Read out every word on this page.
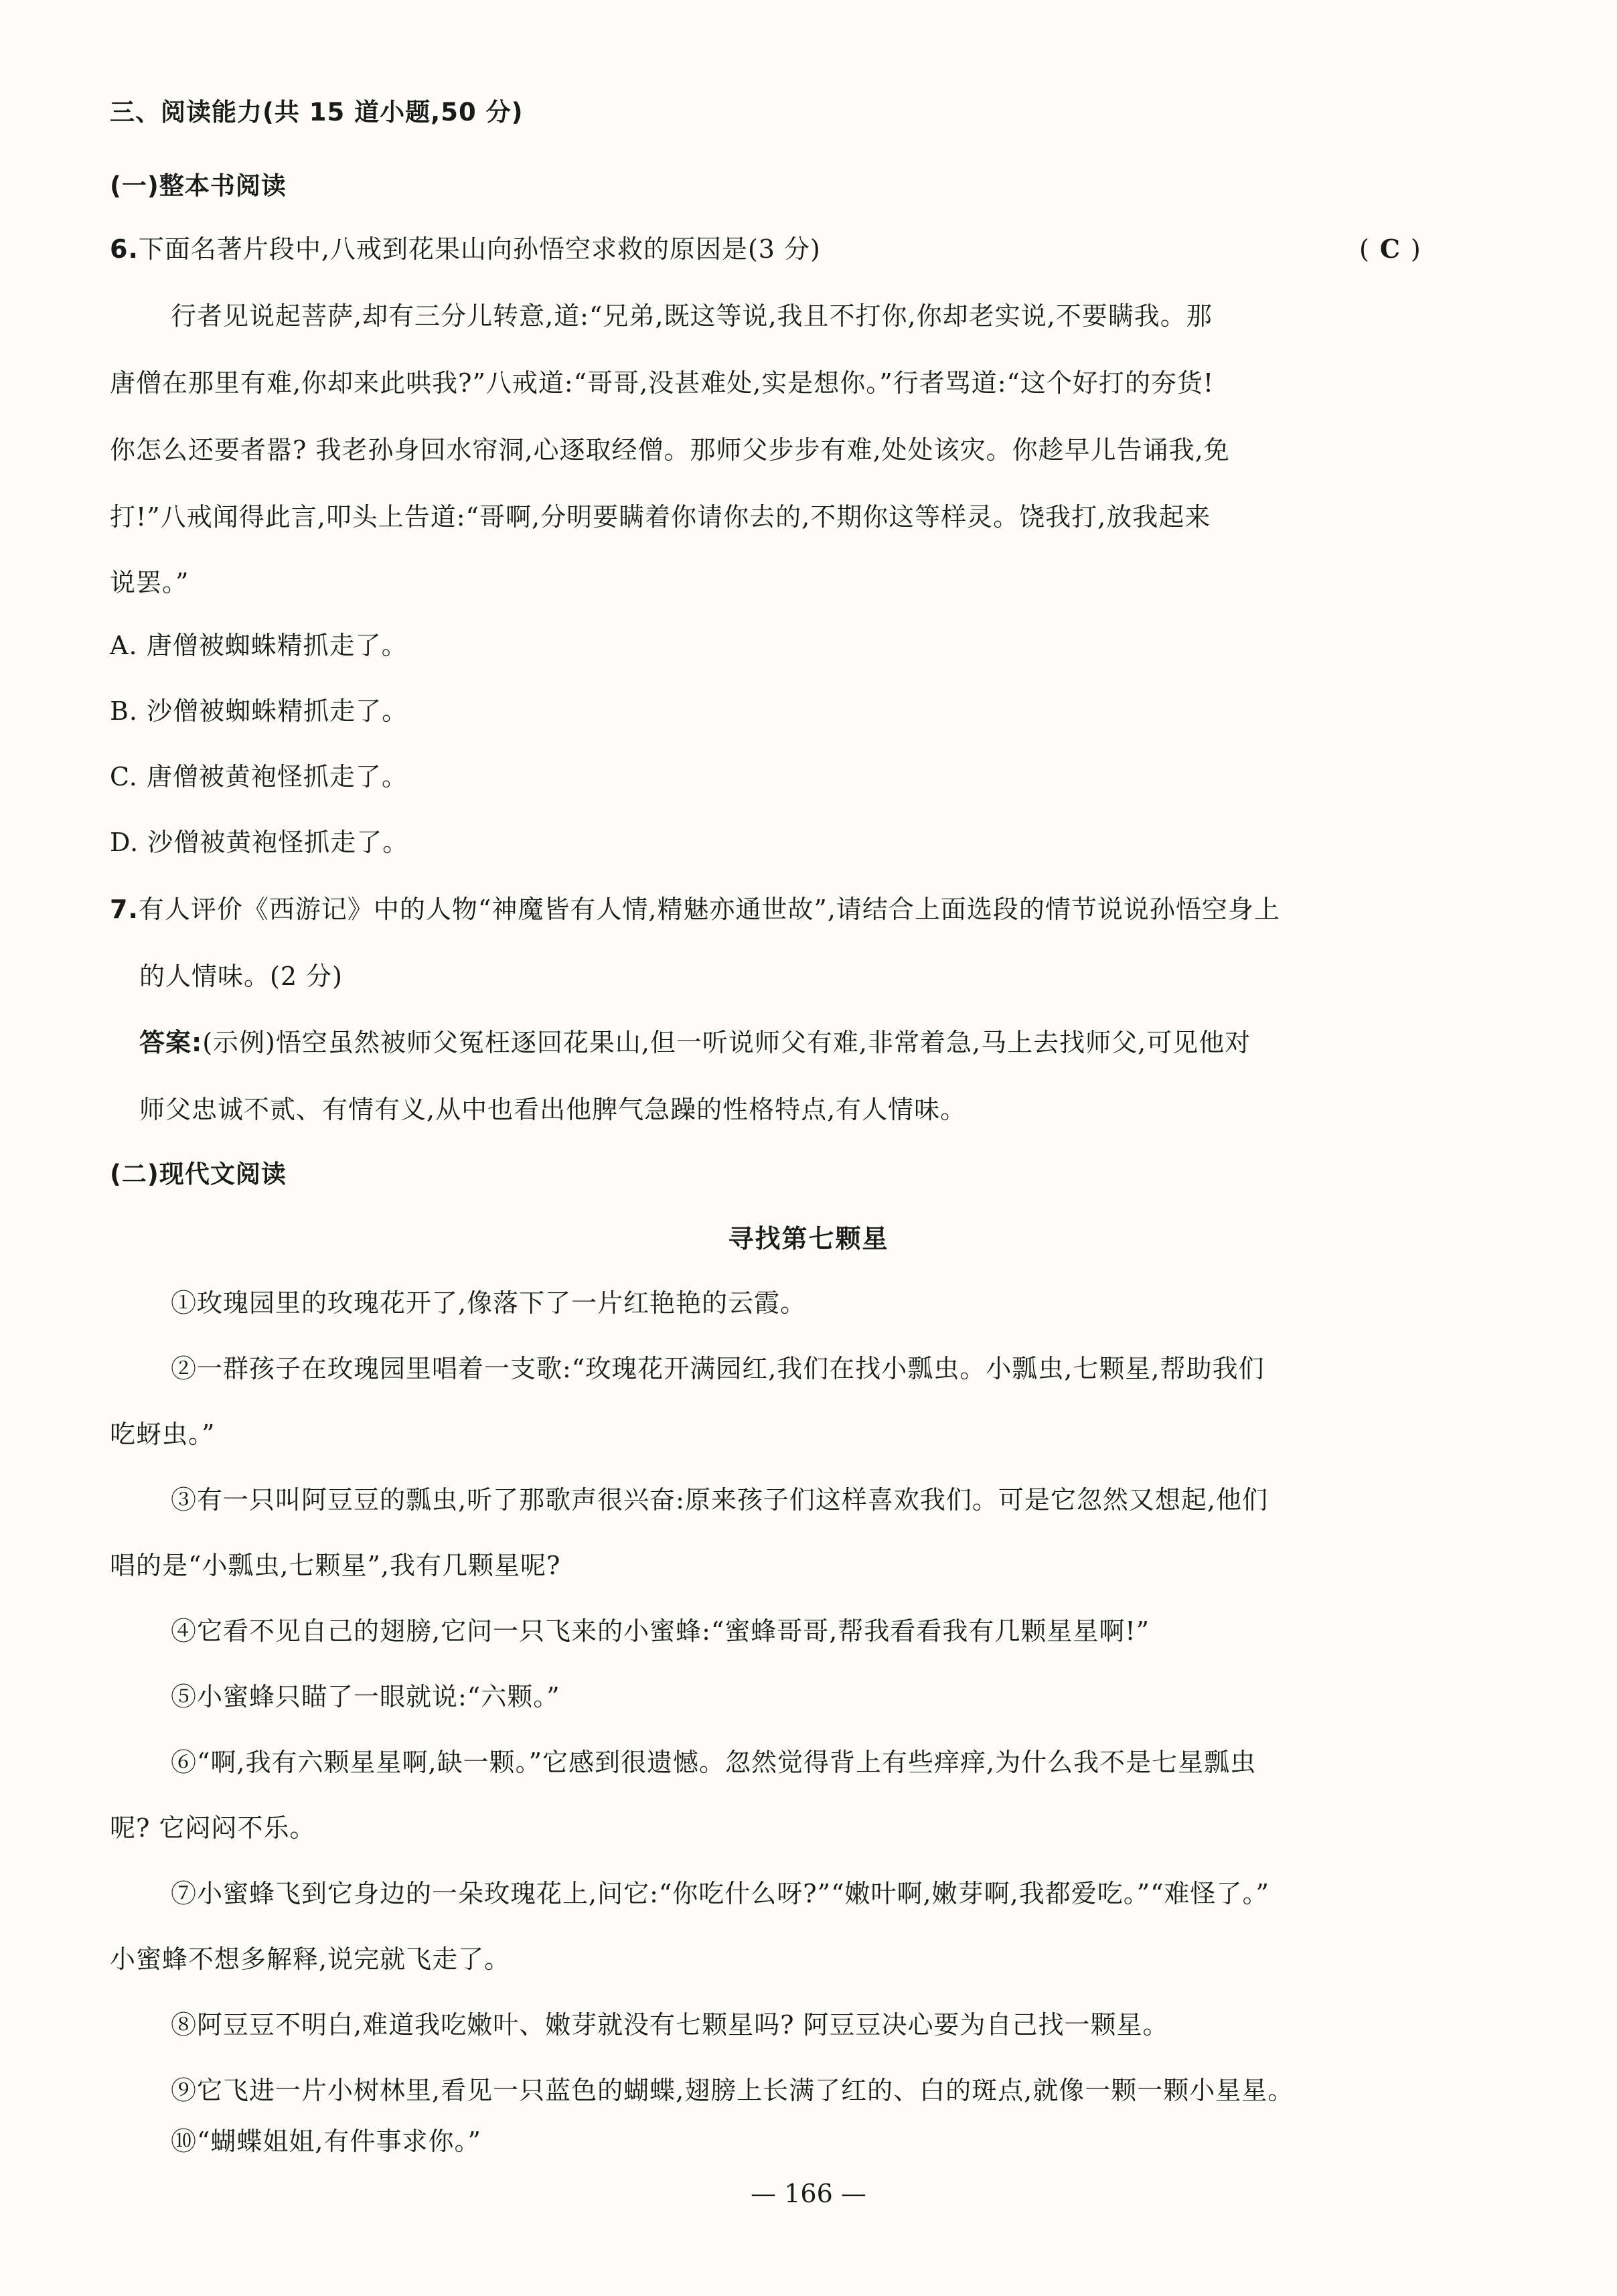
三、阅读能力(共 15 道小题,50 分)
(一)整本书阅读
6.下面名著片段中,八戒到花果山向孙悟空求救的原因是(3 分)	( C )
行者见说起菩萨,却有三分儿转意,道:“兄弟,既这等说,我且不打你,你却老实说,不要瞒我。那
唐僧在那里有难,你却来此哄我?”八戒道:“哥哥,没甚难处,实是想你。”行者骂道:“这个好打的夯货!
你怎么还要者嚣? 我老孙身回水帘洞,心逐取经僧。那师父步步有难,处处该灾。你趁早儿告诵我,免
打!”八戒闻得此言,叩头上告道:“哥啊,分明要瞒着你请你去的,不期你这等样灵。饶我打,放我起来
说罢。”
A. 唐僧被蜘蛛精抓走了。
B. 沙僧被蜘蛛精抓走了。
C. 唐僧被黄袍怪抓走了。
D. 沙僧被黄袍怪抓走了。
7.有人评价《西游记》中的人物“神魔皆有人情,精魅亦通世故”,请结合上面选段的情节说说孙悟空身上
的人情味。(2 分)
答案:(示例)悟空虽然被师父冤枉逐回花果山,但一听说师父有难,非常着急,马上去找师父,可见他对
师父忠诚不贰、有情有义,从中也看出他脾气急躁的性格特点,有人情味。
(二)现代文阅读
寻找第七颗星
①玫瑰园里的玫瑰花开了,像落下了一片红艳艳的云霞。
②一群孩子在玫瑰园里唱着一支歌:“玫瑰花开满园红,我们在找小瓢虫。小瓢虫,七颗星,帮助我们
吃蚜虫。”
③有一只叫阿豆豆的瓢虫,听了那歌声很兴奋:原来孩子们这样喜欢我们。可是它忽然又想起,他们
唱的是“小瓢虫,七颗星”,我有几颗星呢?
④它看不见自己的翅膀,它问一只飞来的小蜜蜂:“蜜蜂哥哥,帮我看看我有几颗星星啊!”
⑤小蜜蜂只瞄了一眼就说:“六颗。”
⑥“啊,我有六颗星星啊,缺一颗。”它感到很遗憾。忽然觉得背上有些痒痒,为什么我不是七星瓢虫
呢? 它闷闷不乐。
⑦小蜜蜂飞到它身边的一朵玫瑰花上,问它:“你吃什么呀?”“嫩叶啊,嫩芽啊,我都爱吃。”“难怪了。”
小蜜蜂不想多解释,说完就飞走了。
⑧阿豆豆不明白,难道我吃嫩叶、嫩芽就没有七颗星吗? 阿豆豆决心要为自己找一颗星。
⑨它飞进一片小树林里,看见一只蓝色的蝴蝶,翅膀上长满了红的、白的斑点,就像一颗一颗小星星。
⑩“蝴蝶姐姐,有件事求你。”
— 166 —
